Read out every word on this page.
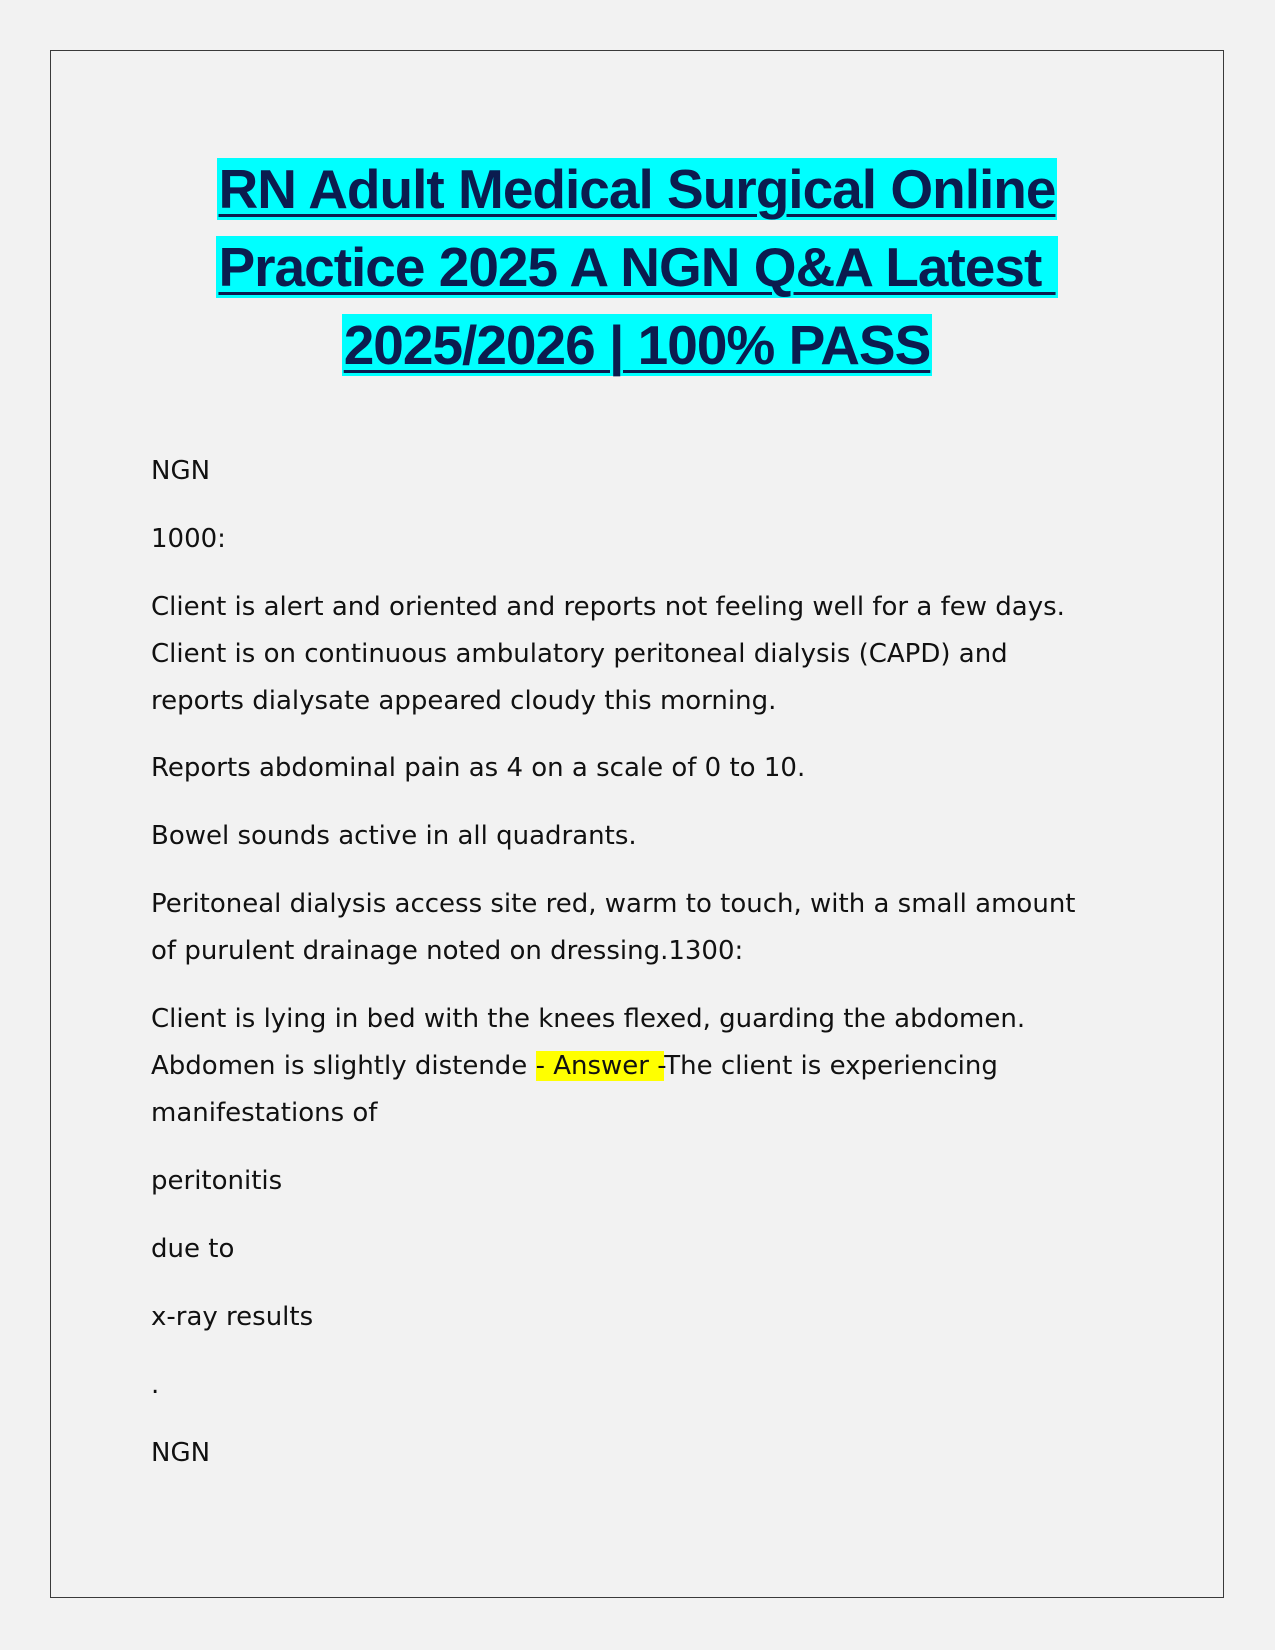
RN Adult Medical Surgical Online
Practice 2025 A NGN Q&A Latest
2025/2026 | 100% PASS
NGN
1000:
Client is alert and oriented and reports not feeling well for a few days.
Client is on continuous ambulatory peritoneal dialysis (CAPD) and
reports dialysate appeared cloudy this morning.
Reports abdominal pain as 4 on a scale of 0 to 10.
Bowel sounds active in all quadrants.
Peritoneal dialysis access site red, warm to touch, with a small amount
of purulent drainage noted on dressing.1300:
Client is lying in bed with the knees flexed, guarding the abdomen.
Abdomen is slightly distende - Answer -The client is experiencing
manifestations of
peritonitis
due to
x-ray results
.
NGN
